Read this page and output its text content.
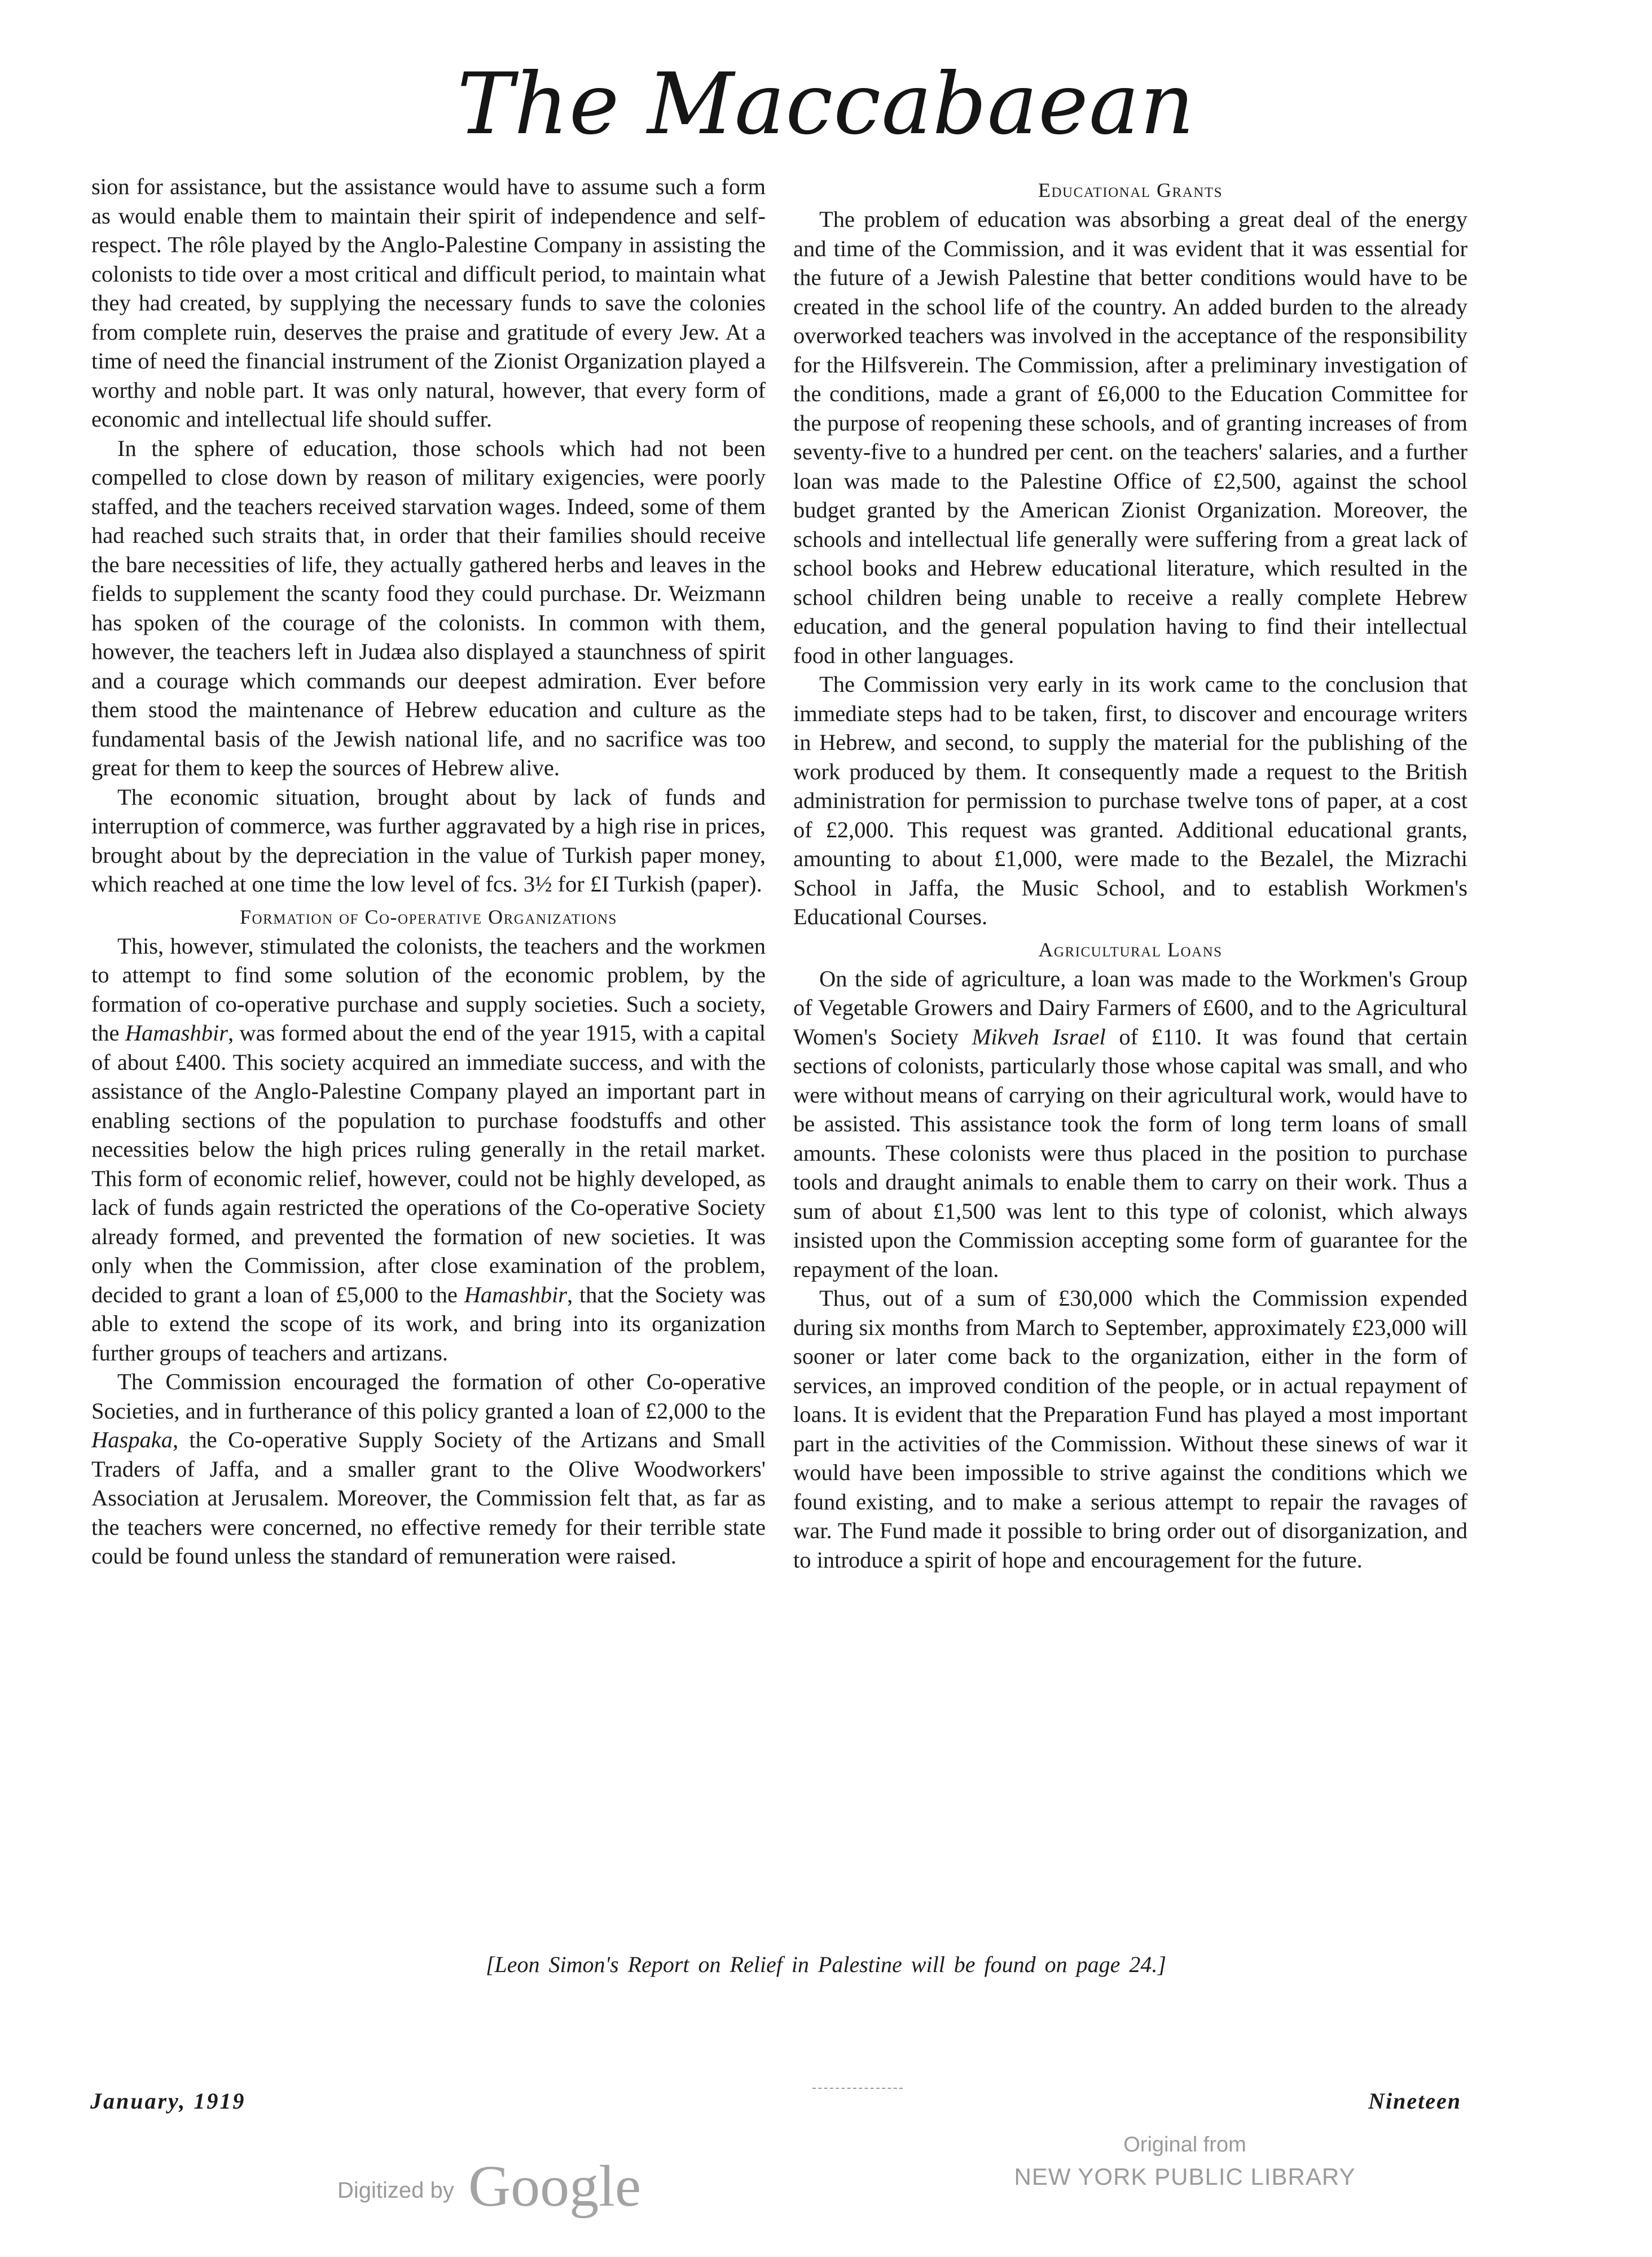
The Maccabaean

sion for assistance, but the assistance would have to assume such a form as would enable them to maintain their spirit of independence and self-respect. The rôle played by the Anglo-Palestine Company in assisting the colonists to tide over a most critical and difficult period, to maintain what they had created, by supplying the necessary funds to save the colonies from complete ruin, deserves the praise and gratitude of every Jew. At a time of need the financial instrument of the Zionist Organization played a worthy and noble part. It was only natural, however, that every form of economic and intellectual life should suffer.

In the sphere of education, those schools which had not been compelled to close down by reason of military exigencies, were poorly staffed, and the teachers received starvation wages. Indeed, some of them had reached such straits that, in order that their families should receive the bare necessities of life, they actually gathered herbs and leaves in the fields to supplement the scanty food they could purchase. Dr. Weizmann has spoken of the courage of the colonists. In common with them, however, the teachers left in Judæa also displayed a staunchness of spirit and a courage which commands our deepest admiration. Ever before them stood the maintenance of Hebrew education and culture as the fundamental basis of the Jewish national life, and no sacrifice was too great for them to keep the sources of Hebrew alive.

The economic situation, brought about by lack of funds and interruption of commerce, was further aggravated by a high rise in prices, brought about by the depreciation in the value of Turkish paper money, which reached at one time the low level of fcs. 3½ for £I Turkish (paper).

Formation of Co-operative Organizations

This, however, stimulated the colonists, the teachers and the workmen to attempt to find some solution of the economic problem, by the formation of co-operative purchase and supply societies. Such a society, the Hamashbir, was formed about the end of the year 1915, with a capital of about £400. This society acquired an immediate success, and with the assistance of the Anglo-Palestine Company played an important part in enabling sections of the population to purchase foodstuffs and other necessities below the high prices ruling generally in the retail market. This form of economic relief, however, could not be highly developed, as lack of funds again restricted the operations of the Co-operative Society already formed, and prevented the formation of new societies. It was only when the Commission, after close examination of the problem, decided to grant a loan of £5,000 to the Hamashbir, that the Society was able to extend the scope of its work, and bring into its organization further groups of teachers and artizans.

The Commission encouraged the formation of other Co-operative Societies, and in furtherance of this policy granted a loan of £2,000 to the Haspaka, the Co-operative Supply Society of the Artizans and Small Traders of Jaffa, and a smaller grant to the Olive Woodworkers' Association at Jerusalem. Moreover, the Commission felt that, as far as the teachers were concerned, no effective remedy for their terrible state could be found unless the standard of remuneration were raised.

Educational Grants

The problem of education was absorbing a great deal of the energy and time of the Commission, and it was evident that it was essential for the future of a Jewish Palestine that better conditions would have to be created in the school life of the country. An added burden to the already overworked teachers was involved in the acceptance of the responsibility for the Hilfsverein. The Commission, after a preliminary investigation of the conditions, made a grant of £6,000 to the Education Committee for the purpose of reopening these schools, and of granting increases of from seventy-five to a hundred per cent. on the teachers' salaries, and a further loan was made to the Palestine Office of £2,500, against the school budget granted by the American Zionist Organization. Moreover, the schools and intellectual life generally were suffering from a great lack of school books and Hebrew educational literature, which resulted in the school children being unable to receive a really complete Hebrew education, and the general population having to find their intellectual food in other languages.

The Commission very early in its work came to the conclusion that immediate steps had to be taken, first, to discover and encourage writers in Hebrew, and second, to supply the material for the publishing of the work produced by them. It consequently made a request to the British administration for permission to purchase twelve tons of paper, at a cost of £2,000. This request was granted. Additional educational grants, amounting to about £1,000, were made to the Bezalel, the Mizrachi School in Jaffa, the Music School, and to establish Workmen's Educational Courses.

Agricultural Loans

On the side of agriculture, a loan was made to the Workmen's Group of Vegetable Growers and Dairy Farmers of £600, and to the Agricultural Women's Society Mikveh Israel of £110. It was found that certain sections of colonists, particularly those whose capital was small, and who were without means of carrying on their agricultural work, would have to be assisted. This assistance took the form of long term loans of small amounts. These colonists were thus placed in the position to purchase tools and draught animals to enable them to carry on their work. Thus a sum of about £1,500 was lent to this type of colonist, which always insisted upon the Commission accepting some form of guarantee for the repayment of the loan.

Thus, out of a sum of £30,000 which the Commission expended during six months from March to September, approximately £23,000 will sooner or later come back to the organization, either in the form of services, an improved condition of the people, or in actual repayment of loans. It is evident that the Preparation Fund has played a most important part in the activities of the Commission. Without these sinews of war it would have been impossible to strive against the conditions which we found existing, and to make a serious attempt to repair the ravages of war. The Fund made it possible to bring order out of disorganization, and to introduce a spirit of hope and encouragement for the future.

[Leon Simon's Report on Relief in Palestine will be found on page 24.]
January, 1919	Nineteen
Digitized by Google
Original from
NEW YORK PUBLIC LIBRARY
